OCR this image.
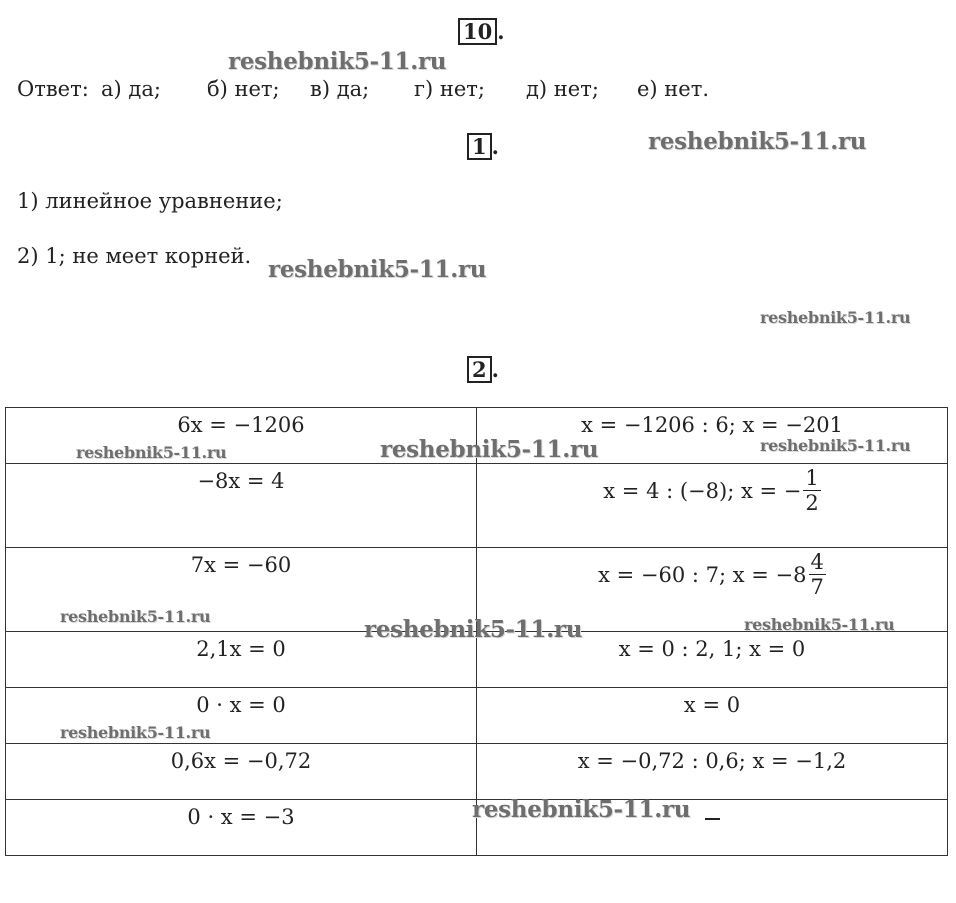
10 .
Ответ: а) да; б) нет; в) да; г) нет; д) нет; е) нет.
1 .
1) линейное уравнение;
2) 1; не меет корней.
2 .
6x = −1206	x = −1206 : 6; x = −201
−8x = 4	x = 4 : (−8); x = − $\frac{1}{2}$

7x = −60	x = −60 : 7; $x = -8 \frac{4}{7}$

2,1x = 0	x = 0 : 2, 1; x = 0
0 · x = 0	x = 0
0,6x = −0,72	x = −0,72 : 0,6; x = −1,2
0 · x = −3	
reshebnik5-11.ru
reshebnik5-11.ru
reshebnik5-11.ru
reshebnik5-11.ru
reshebnik5-11.ru	reshebnik5-11.ru	reshebnik5-11.ru
reshebnik5-11.ru	reshebnik5-11.ru	reshebnik5-11.ru
reshebnik5-11.ru
reshebnik5-11.ru
